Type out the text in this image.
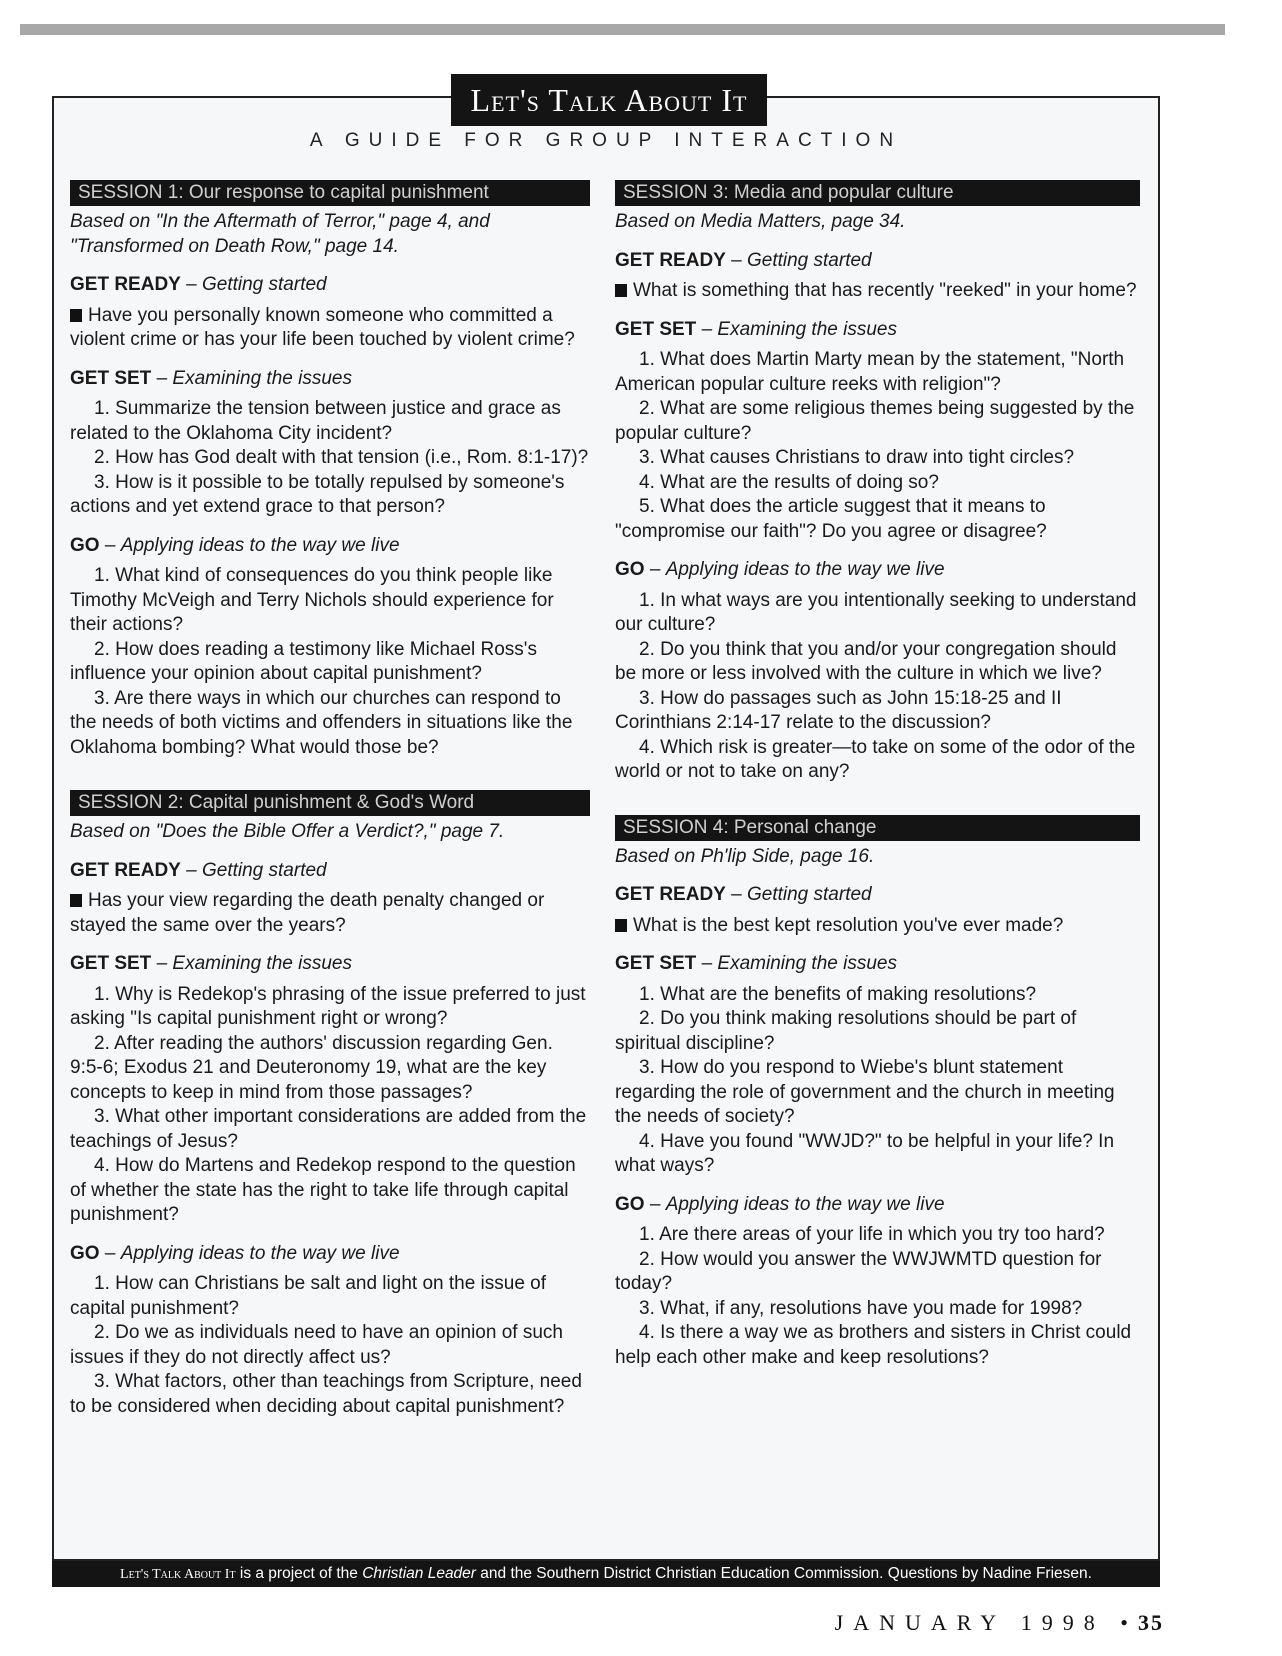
Let's Talk About It
A GUIDE FOR GROUP INTERACTION
SESSION 1: Our response to capital punishment
Based on "In the Aftermath of Terror," page 4, and "Transformed on Death Row," page 14.
GET READY – Getting started

Have you personally known someone who committed a violent crime or has your life been touched by violent crime?

GET SET – Examining the issues

1. Summarize the tension between justice and grace as related to the Oklahoma City incident?

2. How has God dealt with that tension (i.e., Rom. 8:1-17)?

3. How is it possible to be totally repulsed by someone's actions and yet extend grace to that person?

GO – Applying ideas to the way we live

1. What kind of consequences do you think people like Timothy McVeigh and Terry Nichols should experience for their actions?

2. How does reading a testimony like Michael Ross's influence your opinion about capital punishment?

3. Are there ways in which our churches can respond to the needs of both victims and offenders in situations like the Oklahoma bombing? What would those be?

SESSION 2: Capital punishment & God's Word
Based on "Does the Bible Offer a Verdict?," page 7.
GET READY – Getting started

Has your view regarding the death penalty changed or stayed the same over the years?

GET SET – Examining the issues

1. Why is Redekop's phrasing of the issue preferred to just asking "Is capital punishment right or wrong?

2. After reading the authors' discussion regarding Gen. 9:5-6; Exodus 21 and Deuteronomy 19, what are the key concepts to keep in mind from those passages?

3. What other important considerations are added from the teachings of Jesus?

4. How do Martens and Redekop respond to the question of whether the state has the right to take life through capital punishment?

GO – Applying ideas to the way we live

1. How can Christians be salt and light on the issue of capital punishment?

2. Do we as individuals need to have an opinion of such issues if they do not directly affect us?

3. What factors, other than teachings from Scripture, need to be considered when deciding about capital punishment?

SESSION 3: Media and popular culture
Based on Media Matters, page 34.
GET READY – Getting started

What is something that has recently "reeked" in your home?

GET SET – Examining the issues

1. What does Martin Marty mean by the statement, "North American popular culture reeks with religion"?

2. What are some religious themes being suggested by the popular culture?

3. What causes Christians to draw into tight circles?

4. What are the results of doing so?

5. What does the article suggest that it means to "compromise our faith"? Do you agree or disagree?

GO – Applying ideas to the way we live

1. In what ways are you intentionally seeking to understand our culture?

2. Do you think that you and/or your congregation should be more or less involved with the culture in which we live?

3. How do passages such as John 15:18-25 and II Corinthians 2:14-17 relate to the discussion?

4. Which risk is greater—to take on some of the odor of the world or not to take on any?

SESSION 4: Personal change
Based on Ph'lip Side, page 16.
GET READY – Getting started

What is the best kept resolution you've ever made?

GET SET – Examining the issues

1. What are the benefits of making resolutions?

2. Do you think making resolutions should be part of spiritual discipline?

3. How do you respond to Wiebe's blunt statement regarding the role of government and the church in meeting the needs of society?

4. Have you found "WWJD?" to be helpful in your life? In what ways?

GO – Applying ideas to the way we live

1. Are there areas of your life in which you try too hard?

2. How would you answer the WWJWMTD question for today?

3. What, if any, resolutions have you made for 1998?

4. Is there a way we as brothers and sisters in Christ could help each other make and keep resolutions?

Let's Talk About It is a project of the Christian Leader and the Southern District Christian Education Commission. Questions by Nadine Friesen.
JANUARY 1998 •35
